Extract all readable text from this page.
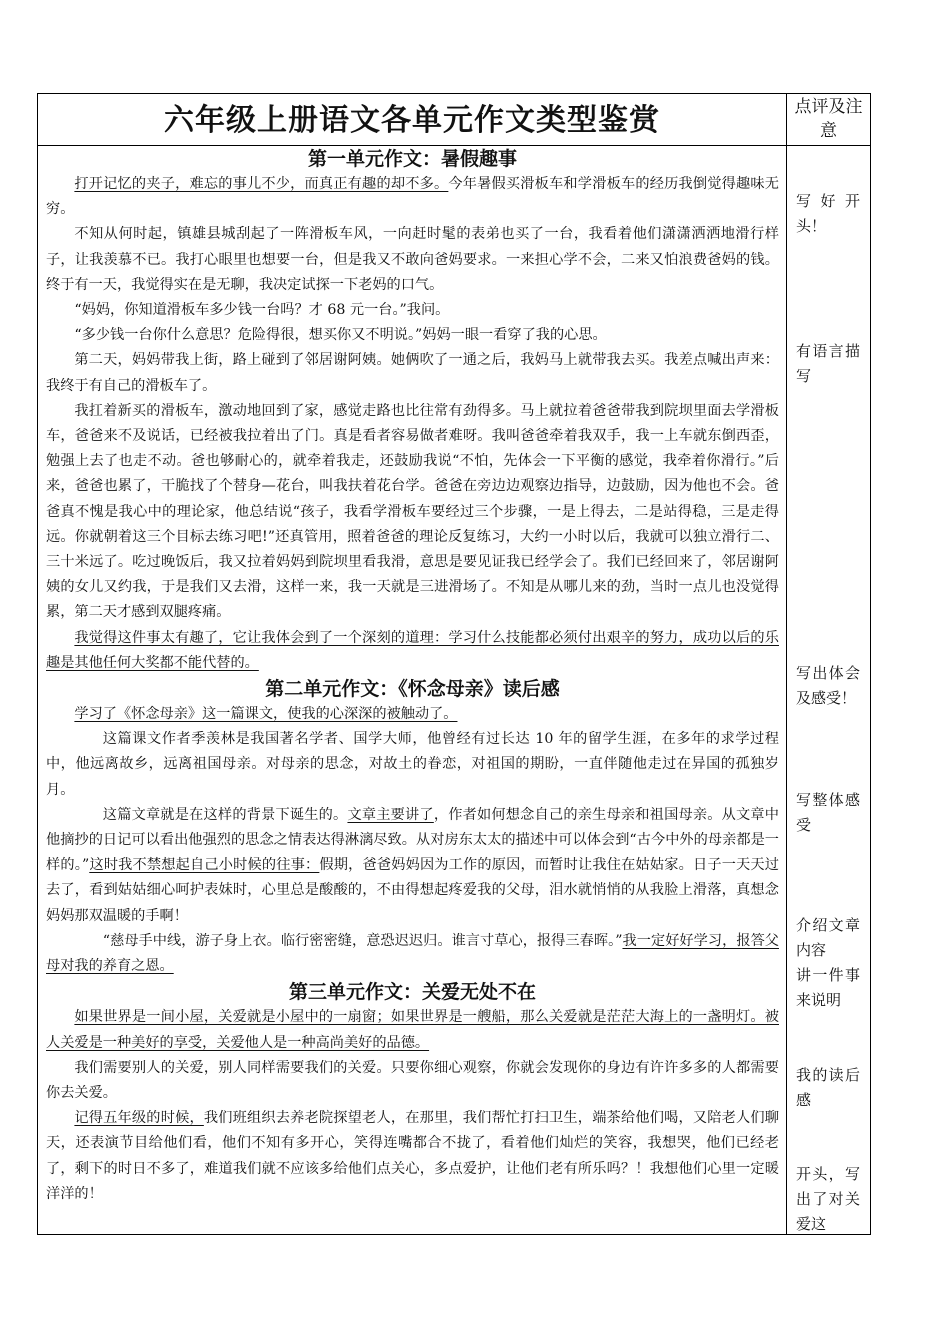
六年级上册语文各单元作文类型鉴赏	点评及注意
第一单元作文：暑假趣事

打开记忆的夹子，难忘的事儿不少，而真正有趣的却不多。今年暑假买滑板车和学滑板车的经历我倒觉得趣味无穷。

不知从何时起，镇雄县城刮起了一阵滑板车风，一向赶时髦的表弟也买了一台，我看着他们潇潇洒洒地滑行样子，让我羡慕不已。我打心眼里也想要一台，但是我又不敢向爸妈要求。一来担心学不会，二来又怕浪费爸妈的钱。终于有一天，我觉得实在是无聊，我决定试探一下老妈的口气。

“妈妈，你知道滑板车多少钱一台吗？才 68 元一台。”我问。

“多少钱一台你什么意思？危险得很，想买你又不明说。”妈妈一眼一看穿了我的心思。

第二天，妈妈带我上街，路上碰到了邻居谢阿姨。她俩吹了一通之后，我妈马上就带我去买。我差点喊出声来：我终于有自己的滑板车了。

我扛着新买的滑板车，激动地回到了家，感觉走路也比往常有劲得多。马上就拉着爸爸带我到院坝里面去学滑板车，爸爸来不及说话，已经被我拉着出了门。真是看者容易做者难呀。我叫爸爸牵着我双手，我一上车就东倒西歪，勉强上去了也走不动。爸也够耐心的，就牵着我走，还鼓励我说“不怕，先体会一下平衡的感觉，我牵着你滑行。”后来，爸爸也累了，干脆找了个替身—花台，叫我扶着花台学。爸爸在旁边边观察边指导，边鼓励，因为他也不会。爸爸真不愧是我心中的理论家，他总结说“孩子，我看学滑板车要经过三个步骤，一是上得去，二是站得稳，三是走得远。你就朝着这三个目标去练习吧!”还真管用，照着爸爸的理论反复练习，大约一小时以后，我就可以独立滑行二、三十米远了。吃过晚饭后，我又拉着妈妈到院坝里看我滑，意思是要见证我已经学会了。我们已经回来了，邻居谢阿姨的女儿又约我，于是我们又去滑，这样一来，我一天就是三进滑场了。不知是从哪儿来的劲，当时一点儿也没觉得累，第二天才感到双腿疼痛。

我觉得这件事太有趣了，它让我体会到了一个深刻的道理：学习什么技能都必须付出艰辛的努力，成功以后的乐趣是其他任何大奖都不能代替的。

第二单元作文：《怀念母亲》读后感

学习了《怀念母亲》这一篇课文，使我的心深深的被触动了。

这篇课文作者季羡林是我国著名学者、国学大师，他曾经有过长达 10 年的留学生涯，在多年的求学过程中，他远离故乡，远离祖国母亲。对母亲的思念，对故土的眷恋，对祖国的期盼，一直伴随他走过在异国的孤独岁月。

这篇文章就是在这样的背景下诞生的。文章主要讲了，作者如何想念自己的亲生母亲和祖国母亲。从文章中他摘抄的日记可以看出他强烈的思念之情表达得淋漓尽致。从对房东太太的描述中可以体会到“古今中外的母亲都是一样的。”这时我不禁想起自己小时候的往事：假期，爸爸妈妈因为工作的原因，而暂时让我住在姑姑家。日子一天天过去了，看到姑姑细心呵护表妹时，心里总是酸酸的，不由得想起疼爱我的父母，泪水就悄悄的从我脸上滑落，真想念妈妈那双温暖的手啊！

“慈母手中线，游子身上衣。临行密密缝，意恐迟迟归。谁言寸草心，报得三春晖。”我一定好好学习，报答父母对我的养育之恩。

第三单元作文：关爱无处不在

如果世界是一间小屋，关爱就是小屋中的一扇窗；如果世界是一艘船，那么关爱就是茫茫大海上的一盏明灯。被人关爱是一种美好的享受，关爱他人是一种高尚美好的品德。

我们需要别人的关爱，别人同样需要我们的关爱。只要你细心观察，你就会发现你的身边有许许多多的人都需要你去关爱。

记得五年级的时候，我们班组织去养老院探望老人，在那里，我们帮忙打扫卫生，端茶给他们喝，又陪老人们聊天，还表演节目给他们看，他们不知有多开心，笑得连嘴都合不拢了，看着他们灿烂的笑容，我想哭，他们已经老了，剩下的时日不多了，难道我们就不应该多给他们点关心，多点爱护，让他们老有所乐吗？！我想他们心里一定暖洋洋的！

写好开头！
有语言描写
写出体会及感受！
写整体感受
介绍文章内容
讲一件事来说明
我的读后感
开头，写出了对关爱这
